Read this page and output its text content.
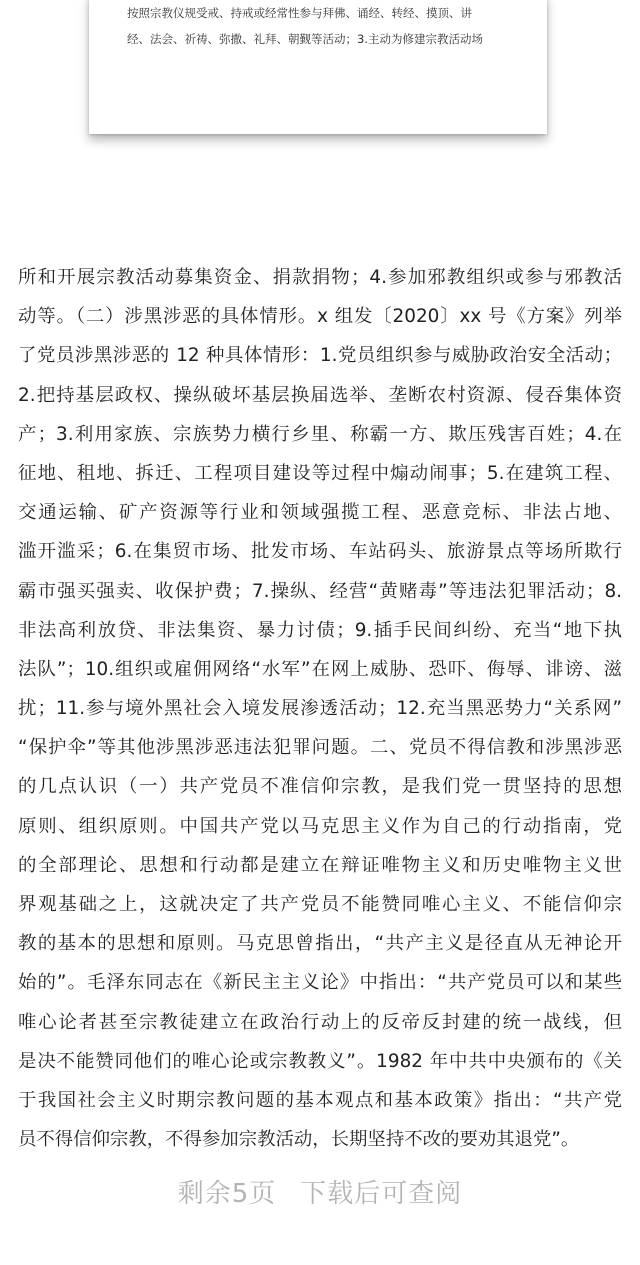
按照宗教仪规受戒、持戒或经常性参与拜佛、诵经、转经、摸顶、讲
经、法会、祈祷、弥撒、礼拜、朝觐等活动；3.主动为修建宗教活动场
所和开展宗教活动募集资金、捐款捐物；4.参加邪教组织或参与邪教活
动等。（二）涉黑涉恶的具体情形。x 组发〔2020〕xx 号《方案》列举
了党员涉黑涉恶的 12 种具体情形：1.党员组织参与威胁政治安全活动；
2.把持基层政权、操纵破坏基层换届选举、垄断农村资源、侵吞集体资
产；3.利用家族、宗族势力横行乡里、称霸一方、欺压残害百姓；4.在
征地、租地、拆迁、工程项目建设等过程中煽动闹事；5.在建筑工程、
交通运输、矿产资源等行业和领域强揽工程、恶意竞标、非法占地、
滥开滥采；6.在集贸市场、批发市场、车站码头、旅游景点等场所欺行
霸市强买强卖、收保护费；7.操纵、经营“黄赌毒”等违法犯罪活动；8.
非法高利放贷、非法集资、暴力讨债；9.插手民间纠纷、充当“地下执
法队”；10.组织或雇佣网络“水军”在网上威胁、恐吓、侮辱、诽谤、滋
扰；11.参与境外黑社会入境发展渗透活动；12.充当黑恶势力“关系网”
“保护伞”等其他涉黑涉恶违法犯罪问题。二、党员不得信教和涉黑涉恶
的几点认识（一）共产党员不准信仰宗教，是我们党一贯坚持的思想
原则、组织原则。中国共产党以马克思主义作为自己的行动指南，党
的全部理论、思想和行动都是建立在辩证唯物主义和历史唯物主义世
界观基础之上，这就决定了共产党员不能赞同唯心主义、不能信仰宗
教的基本的思想和原则。马克思曾指出，“共产主义是径直从无神论开
始的”。毛泽东同志在《新民主主义论》中指出：“共产党员可以和某些
唯心论者甚至宗教徒建立在政治行动上的反帝反封建的统一战线，但
是决不能赞同他们的唯心论或宗教教义”。1982 年中共中央颁布的《关
于我国社会主义时期宗教问题的基本观点和基本政策》指出：“共产党
员不得信仰宗教，不得参加宗教活动，长期坚持不改的要劝其退党”。
剩余5页 下载后可查阅
